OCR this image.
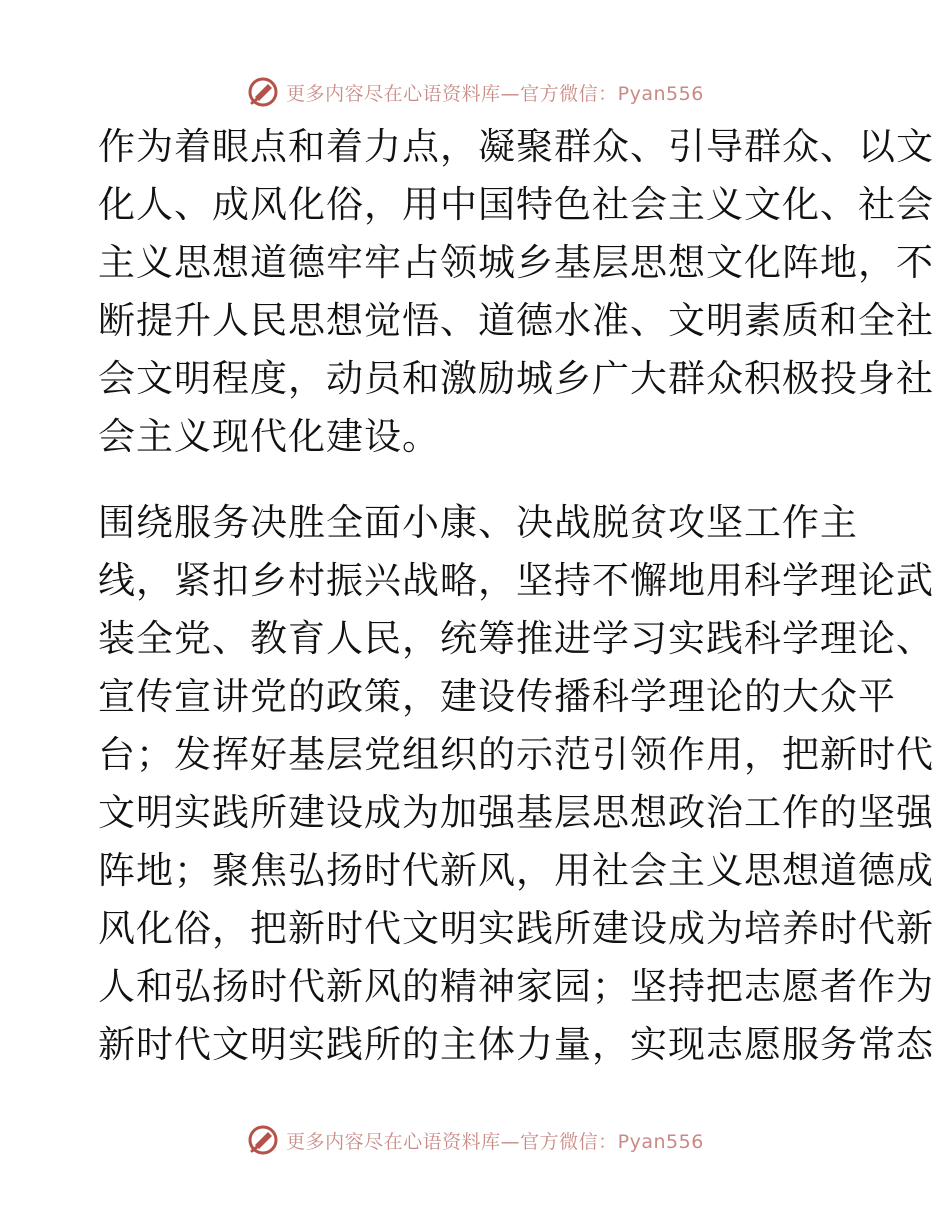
更多内容尽在心语资料库—官方微信：Pyan556
作为着眼点和着力点，凝聚群众、引导群众、以文
化人、成风化俗，用中国特色社会主义文化、社会
主义思想道德牢牢占领城乡基层思想文化阵地，不
断提升人民思想觉悟、道德水准、文明素质和全社
会文明程度，动员和激励城乡广大群众积极投身社
会主义现代化建设。
围绕服务决胜全面小康、决战脱贫攻坚工作主
线，紧扣乡村振兴战略，坚持不懈地用科学理论武
装全党、教育人民，统筹推进学习实践科学理论、
宣传宣讲党的政策，建设传播科学理论的大众平
台；发挥好基层党组织的示范引领作用，把新时代
文明实践所建设成为加强基层思想政治工作的坚强
阵地；聚焦弘扬时代新风，用社会主义思想道德成
风化俗，把新时代文明实践所建设成为培养时代新
人和弘扬时代新风的精神家园；坚持把志愿者作为
新时代文明实践所的主体力量，实现志愿服务常态
更多内容尽在心语资料库—官方微信：Pyan556
